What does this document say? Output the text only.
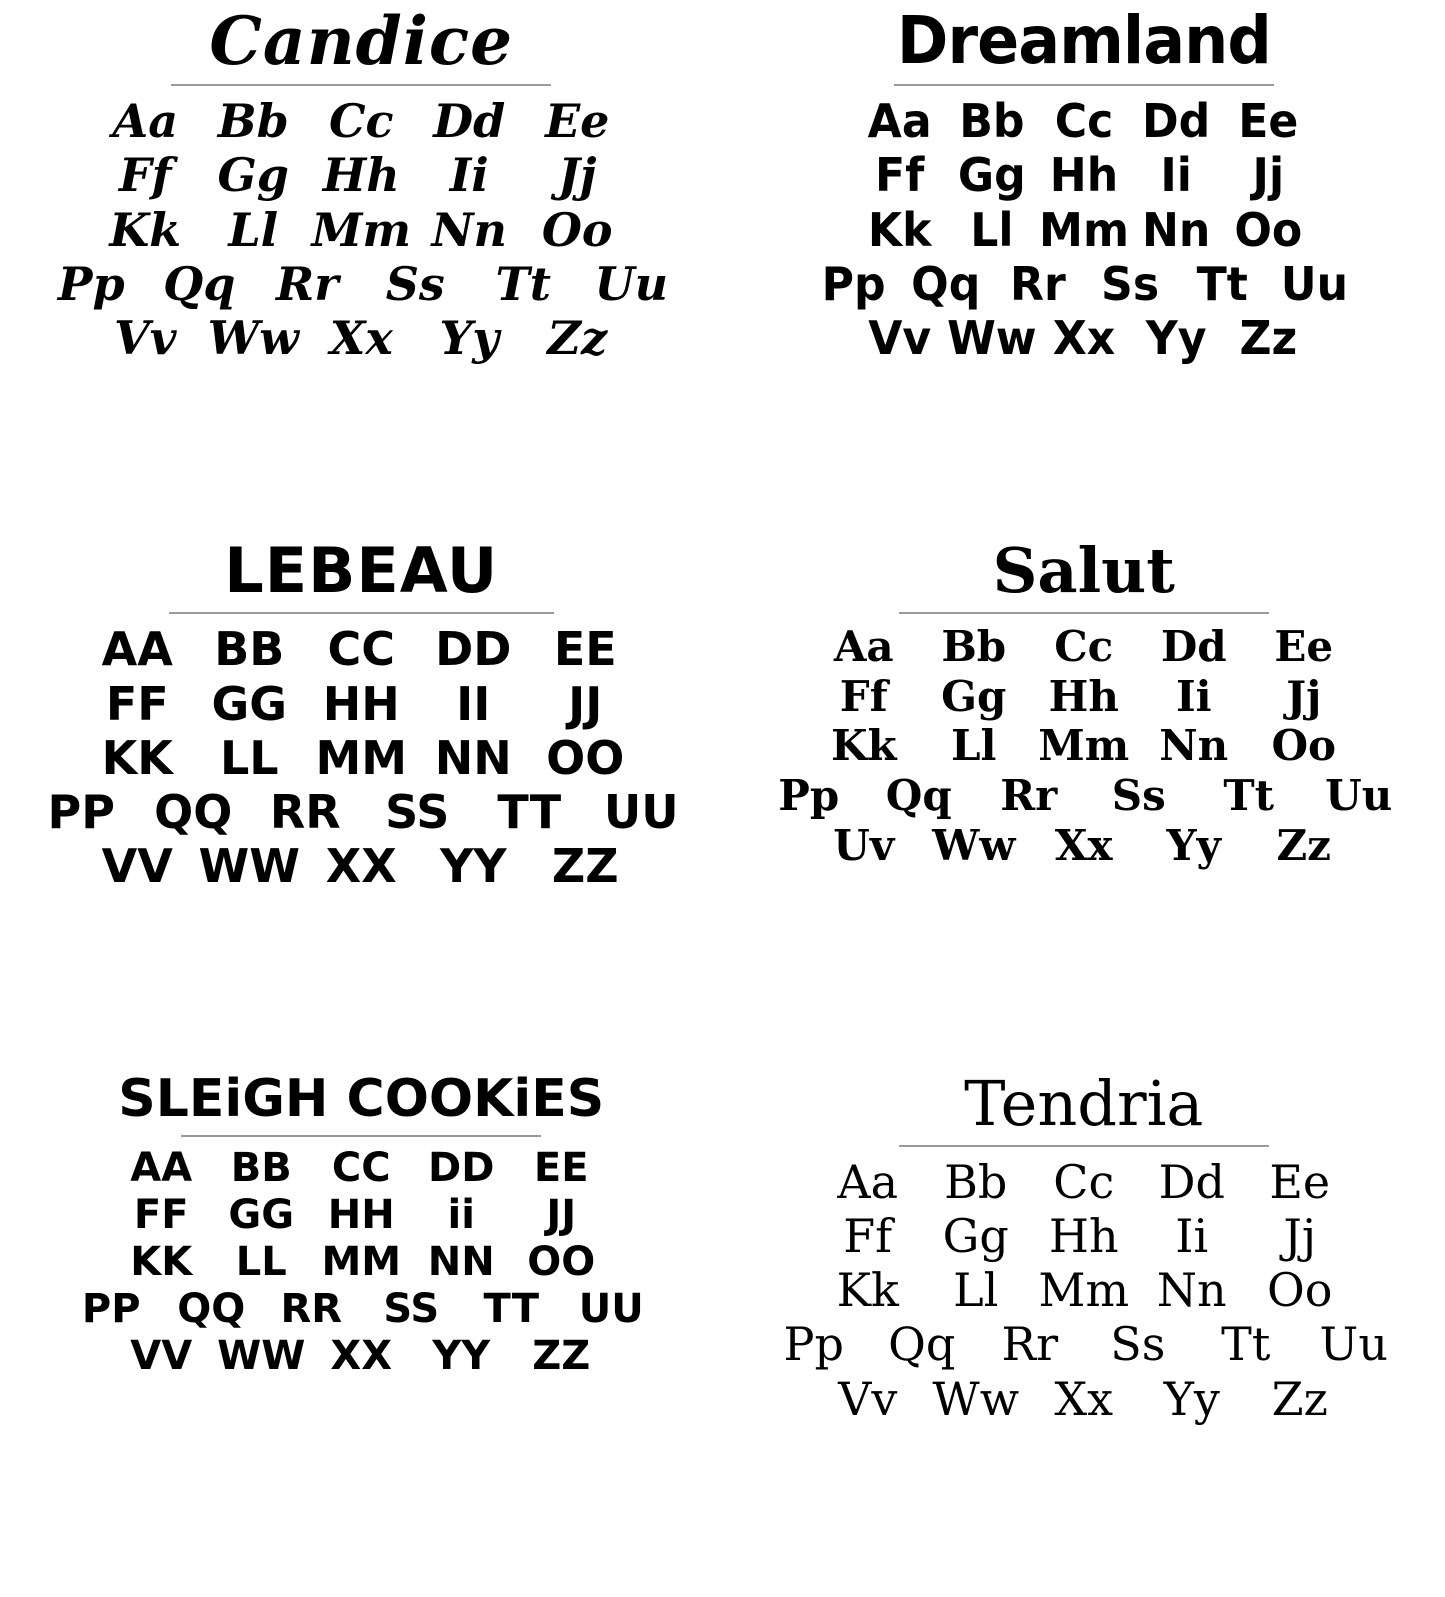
Candice
Aa Bb Cc Dd Ee
Ff	Gg Hh	Ii	Jj
Kk	Ll Mm Nn Oo
Pp Qq Rr	Ss	Tt Uu
Vv Ww Xx	Yy	Zz
Dreamland
Aa Bb Cc Dd Ee
Ff Gg Hh Ii	Jj
Kk Ll Mm Nn Oo
Pp Qq Rr Ss Tt Uu
Vv Ww Xx Yy Zz
LEBEAU
AA BB CC DD EE
FF GG HH	II	JJ
KK	LL MM NN OO
PP QQ RR SS	TT UU
VV WW XX YY ZZ
Salut
Aa	Bb	Cc	Dd	Ee
Ff	Gg	Hh	Ii	Jj
Kk	Ll Mm Nn	Oo
Pp	Qq	Rr	Ss	Tt	Uu
Uv Ww Xx	Yy	Zz
SLEiGH COOKiES
AA BB	CC DD EE
FF GG HH	ii	JJ
KK	LL MM NN OO
PP QQ RR	SS	TT UU
VV WW XX	YY	ZZ
Tendria
Aa	Bb Cc Dd Ee
Ff	Gg Hh	Ii	Jj
Kk	Ll Mm Nn Oo
Pp Qq	Rr	Ss	Tt	Uu
Vv Ww Xx	Yy	Zz
